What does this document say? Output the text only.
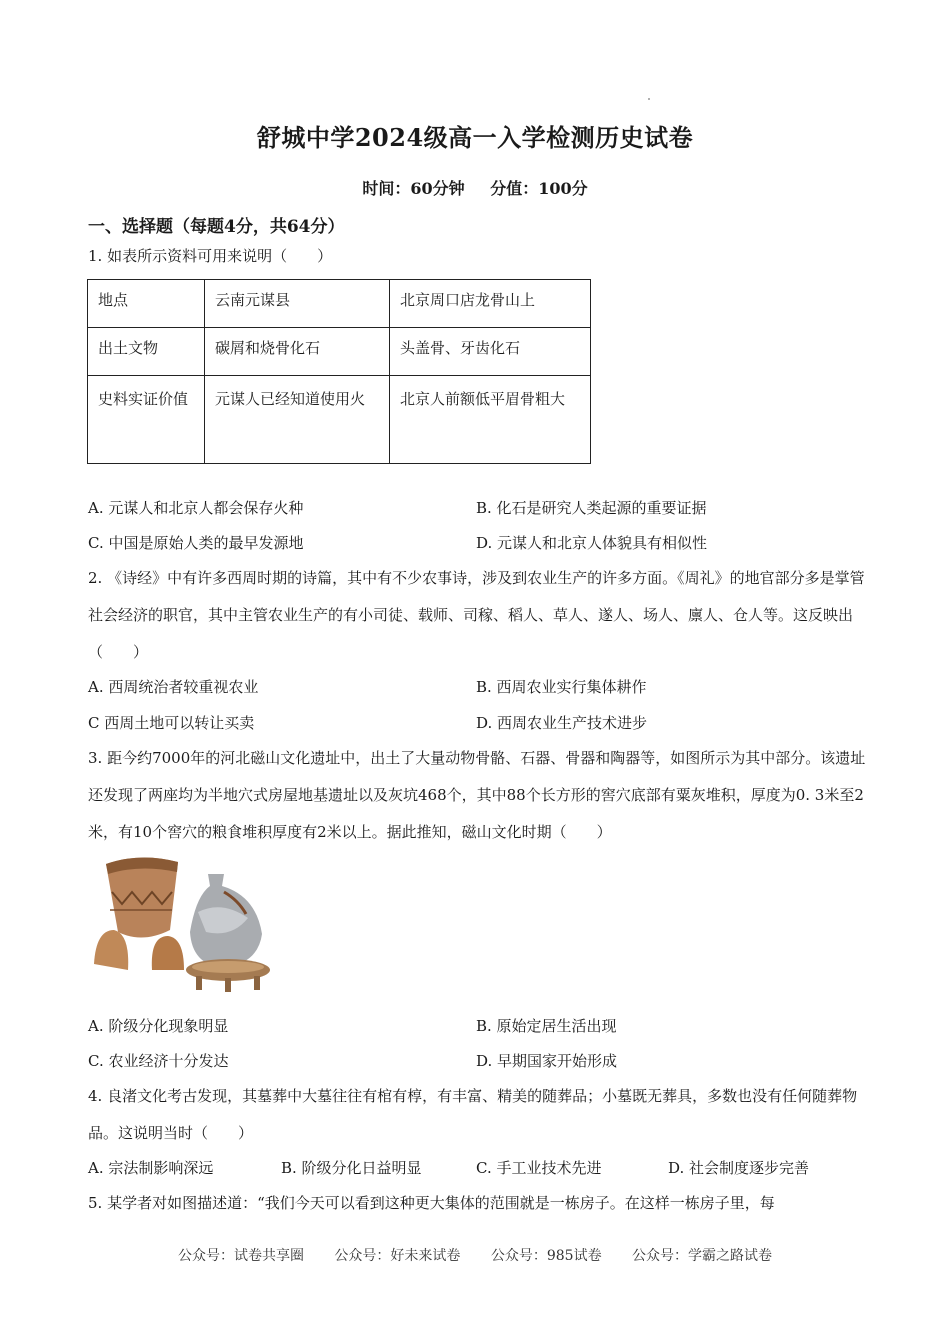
舒城中学2024级高一入学检测历史试卷
时间：60分钟 分值：100分
一、选择题（每题4分，共64分）
1. 如表所示资料可用来说明（　　）
地点	云南元谋县	北京周口店龙骨山上
出土文物	碳屑和烧骨化石	头盖骨、牙齿化石
史料实证价值	元谋人已经知道使用火	北京人前额低平眉骨粗大
A. 元谋人和北京人都会保存火种	B. 化石是研究人类起源的重要证据
C. 中国是原始人类的最早发源地	D. 元谋人和北京人体貌具有相似性
2. 《诗经》中有许多西周时期的诗篇，其中有不少农事诗，涉及到农业生产的许多方面。《周礼》的地官部分多是掌管社会经济的职官，其中主管农业生产的有小司徒、载师、司稼、稻人、草人、遂人、场人、廪人、仓人等。这反映出（　　）
A. 西周统治者较重视农业	B. 西周农业实行集体耕作
C 西周土地可以转让买卖	D. 西周农业生产技术进步
3. 距今约7000年的河北磁山文化遗址中，出土了大量动物骨骼、石器、骨器和陶器等，如图所示为其中部分。该遗址还发现了两座均为半地穴式房屋地基遗址以及灰坑468个，其中88个长方形的窖穴底部有粟灰堆积，厚度为0. 3米至2米，有10个窖穴的粮食堆积厚度有2米以上。据此推知，磁山文化时期（　　）
A. 阶级分化现象明显	B. 原始定居生活出现
C. 农业经济十分发达	D. 早期国家开始形成
4. 良渚文化考古发现，其墓葬中大墓往往有棺有椁，有丰富、精美的随葬品；小墓既无葬具，多数也没有任何随葬物品。这说明当时（　　）
A. 宗法制影响深远	B. 阶级分化日益明显	C. 手工业技术先进	D. 社会制度逐步完善
5. 某学者对如图描述道：“我们今天可以看到这种更大集体的范围就是一栋房子。在这样一栋房子里，每
公众号：试卷共享圈 公众号：好未来试卷 公众号：985试卷 公众号：学霸之路试卷
